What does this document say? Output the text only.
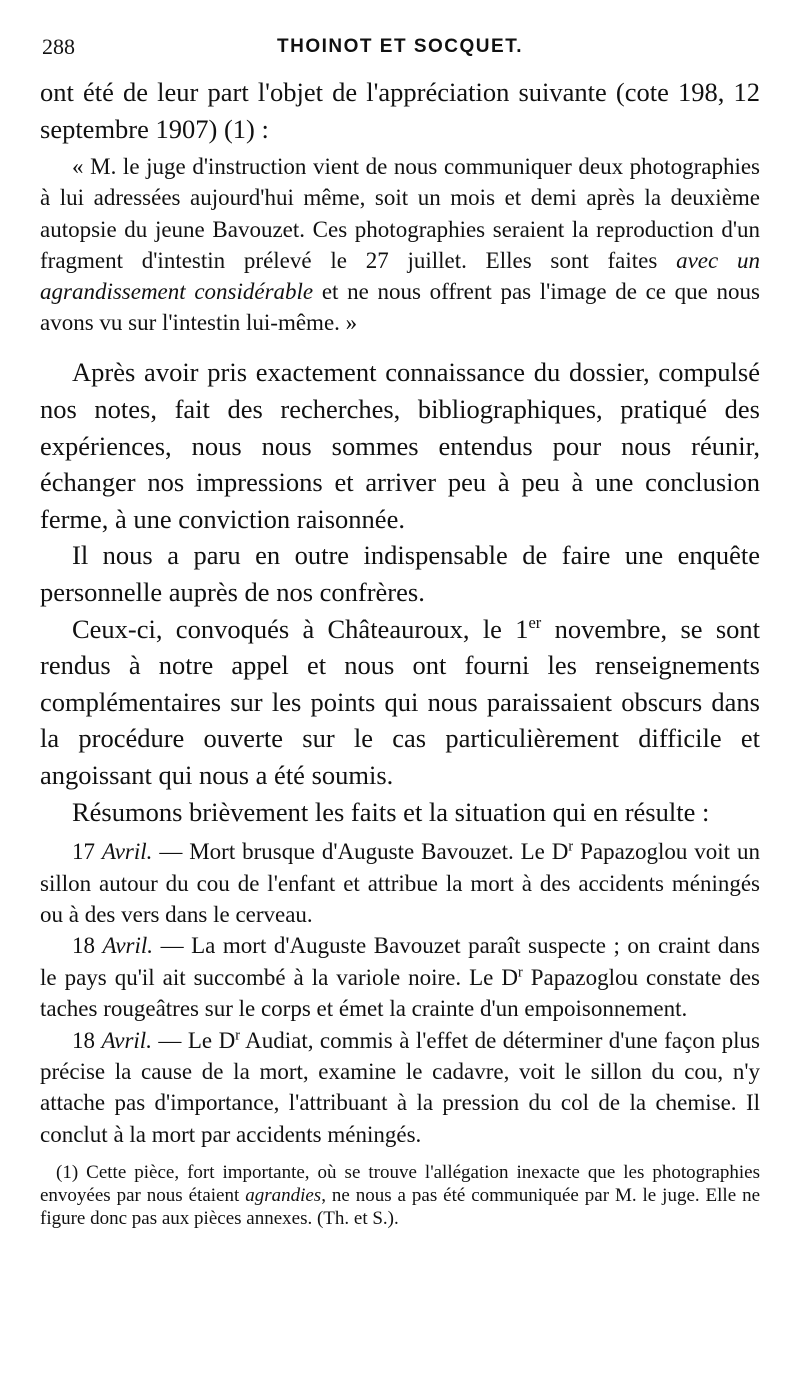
288	THOINOT ET SOCQUET.

ont été de leur part l'objet de l'appréciation suivante (cote 198, 12 septembre 1907) (1) :

« M. le juge d'instruction vient de nous communiquer deux photographies à lui adressées aujourd'hui même, soit un mois et demi après la deuxième autopsie du jeune Bavouzet. Ces photographies seraient la reproduction d'un fragment d'intestin prélevé le 27 juillet. Elles sont faites avec un agrandissement considérable et ne nous offrent pas l'image de ce que nous avons vu sur l'intestin lui-même. »

Après avoir pris exactement connaissance du dossier, compulsé nos notes, fait des recherches, bibliographiques, pratiqué des expériences, nous nous sommes entendus pour nous réunir, échanger nos impressions et arriver peu à peu à une conclusion ferme, à une conviction raisonnée.

Il nous a paru en outre indispensable de faire une enquête personnelle auprès de nos confrères.

Ceux-ci, convoqués à Châteauroux, le 1er novembre, se sont rendus à notre appel et nous ont fourni les renseignements complémentaires sur les points qui nous paraissaient obscurs dans la procédure ouverte sur le cas particulièrement difficile et angoissant qui nous a été soumis.

Résumons brièvement les faits et la situation qui en résulte :

17 Avril. — Mort brusque d'Auguste Bavouzet. Le $D^r$ Papazoglou voit un sillon autour du cou de l'enfant et attribue la mort à des accidents méningés ou à des vers dans le cerveau.

18 Avril. — La mort d'Auguste Bavouzet paraît suspecte ; on craint dans le pays qu'il ait succombé à la variole noire. Le $D^r$ Papazoglou constate des taches rougeâtres sur le corps et émet la crainte d'un empoisonnement.

18 Avril. — Le $D^r$ Audiat, commis à l'effet de déterminer d'une façon plus précise la cause de la mort, examine le cadavre, voit le sillon du cou, n'y attache pas d'importance, l'attribuant à la pression du col de la chemise. Il conclut à la mort par accidents méningés.

(1) Cette pièce, fort importante, où se trouve l'allégation inexacte que les photographies envoyées par nous étaient agrandies, ne nous a pas été communiquée par M. le juge. Elle ne figure donc pas aux pièces annexes. (Th. et S.).
